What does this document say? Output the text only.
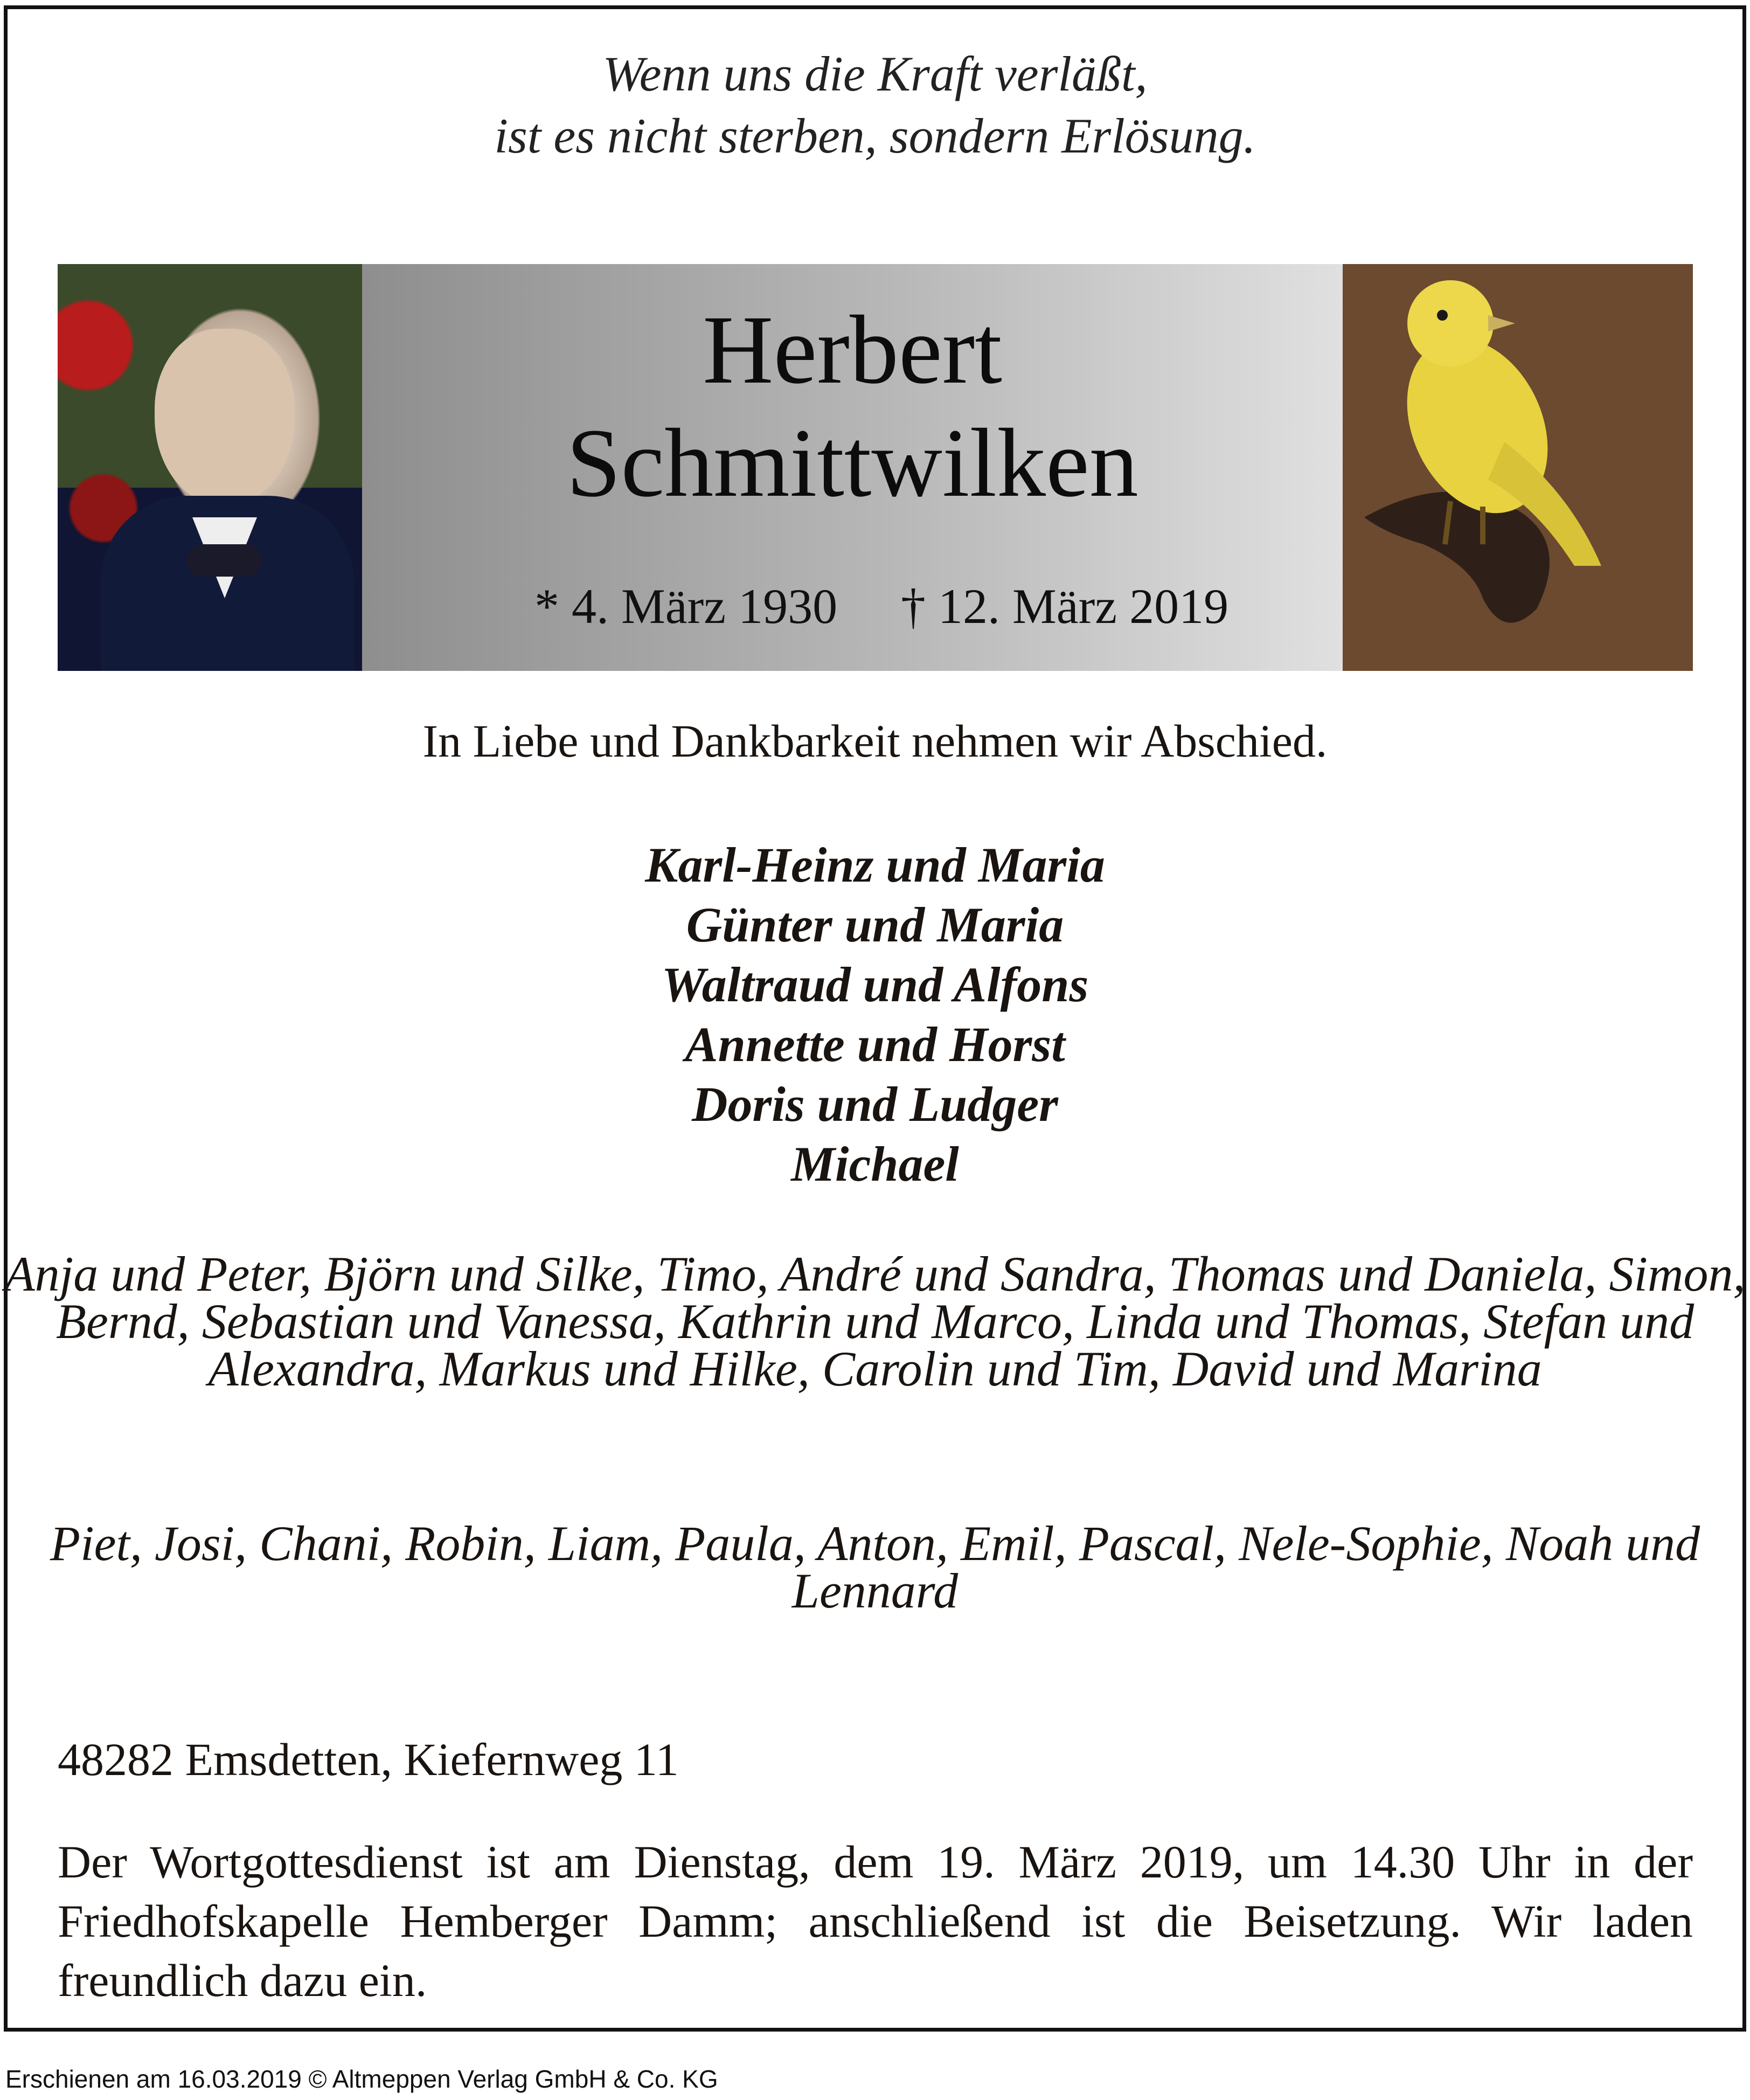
Wenn uns die Kraft verläßt,
ist es nicht sterben, sondern Erlösung.
Herbert
Schmittwilken
* 4. März 1930 † 12. März 2019
In Liebe und Dankbarkeit nehmen wir Abschied.
Karl-Heinz und Maria
Günter und Maria
Waltraud und Alfons
Annette und Horst
Doris und Ludger
Michael
Anja und Peter, Björn und Silke, Timo, André und Sandra, Thomas und Daniela, Simon, Bernd, Sebastian und Vanessa, Kathrin und Marco, Linda und Thomas, Stefan und Alexandra, Markus und Hilke, Carolin und Tim, David und Marina
Piet, Josi, Chani, Robin, Liam, Paula, Anton, Emil, Pascal, Nele-Sophie, Noah und Lennard
48282 Emsdetten, Kiefernweg 11
Der Wortgottesdienst ist am Dienstag, dem 19. März 2019, um 14.30 Uhr in der Friedhofskapelle Hemberger Damm; anschließend ist die Beisetzung. Wir laden freundlich dazu ein.
Erschienen am 16.03.2019 © Altmeppen Verlag GmbH & Co. KG
